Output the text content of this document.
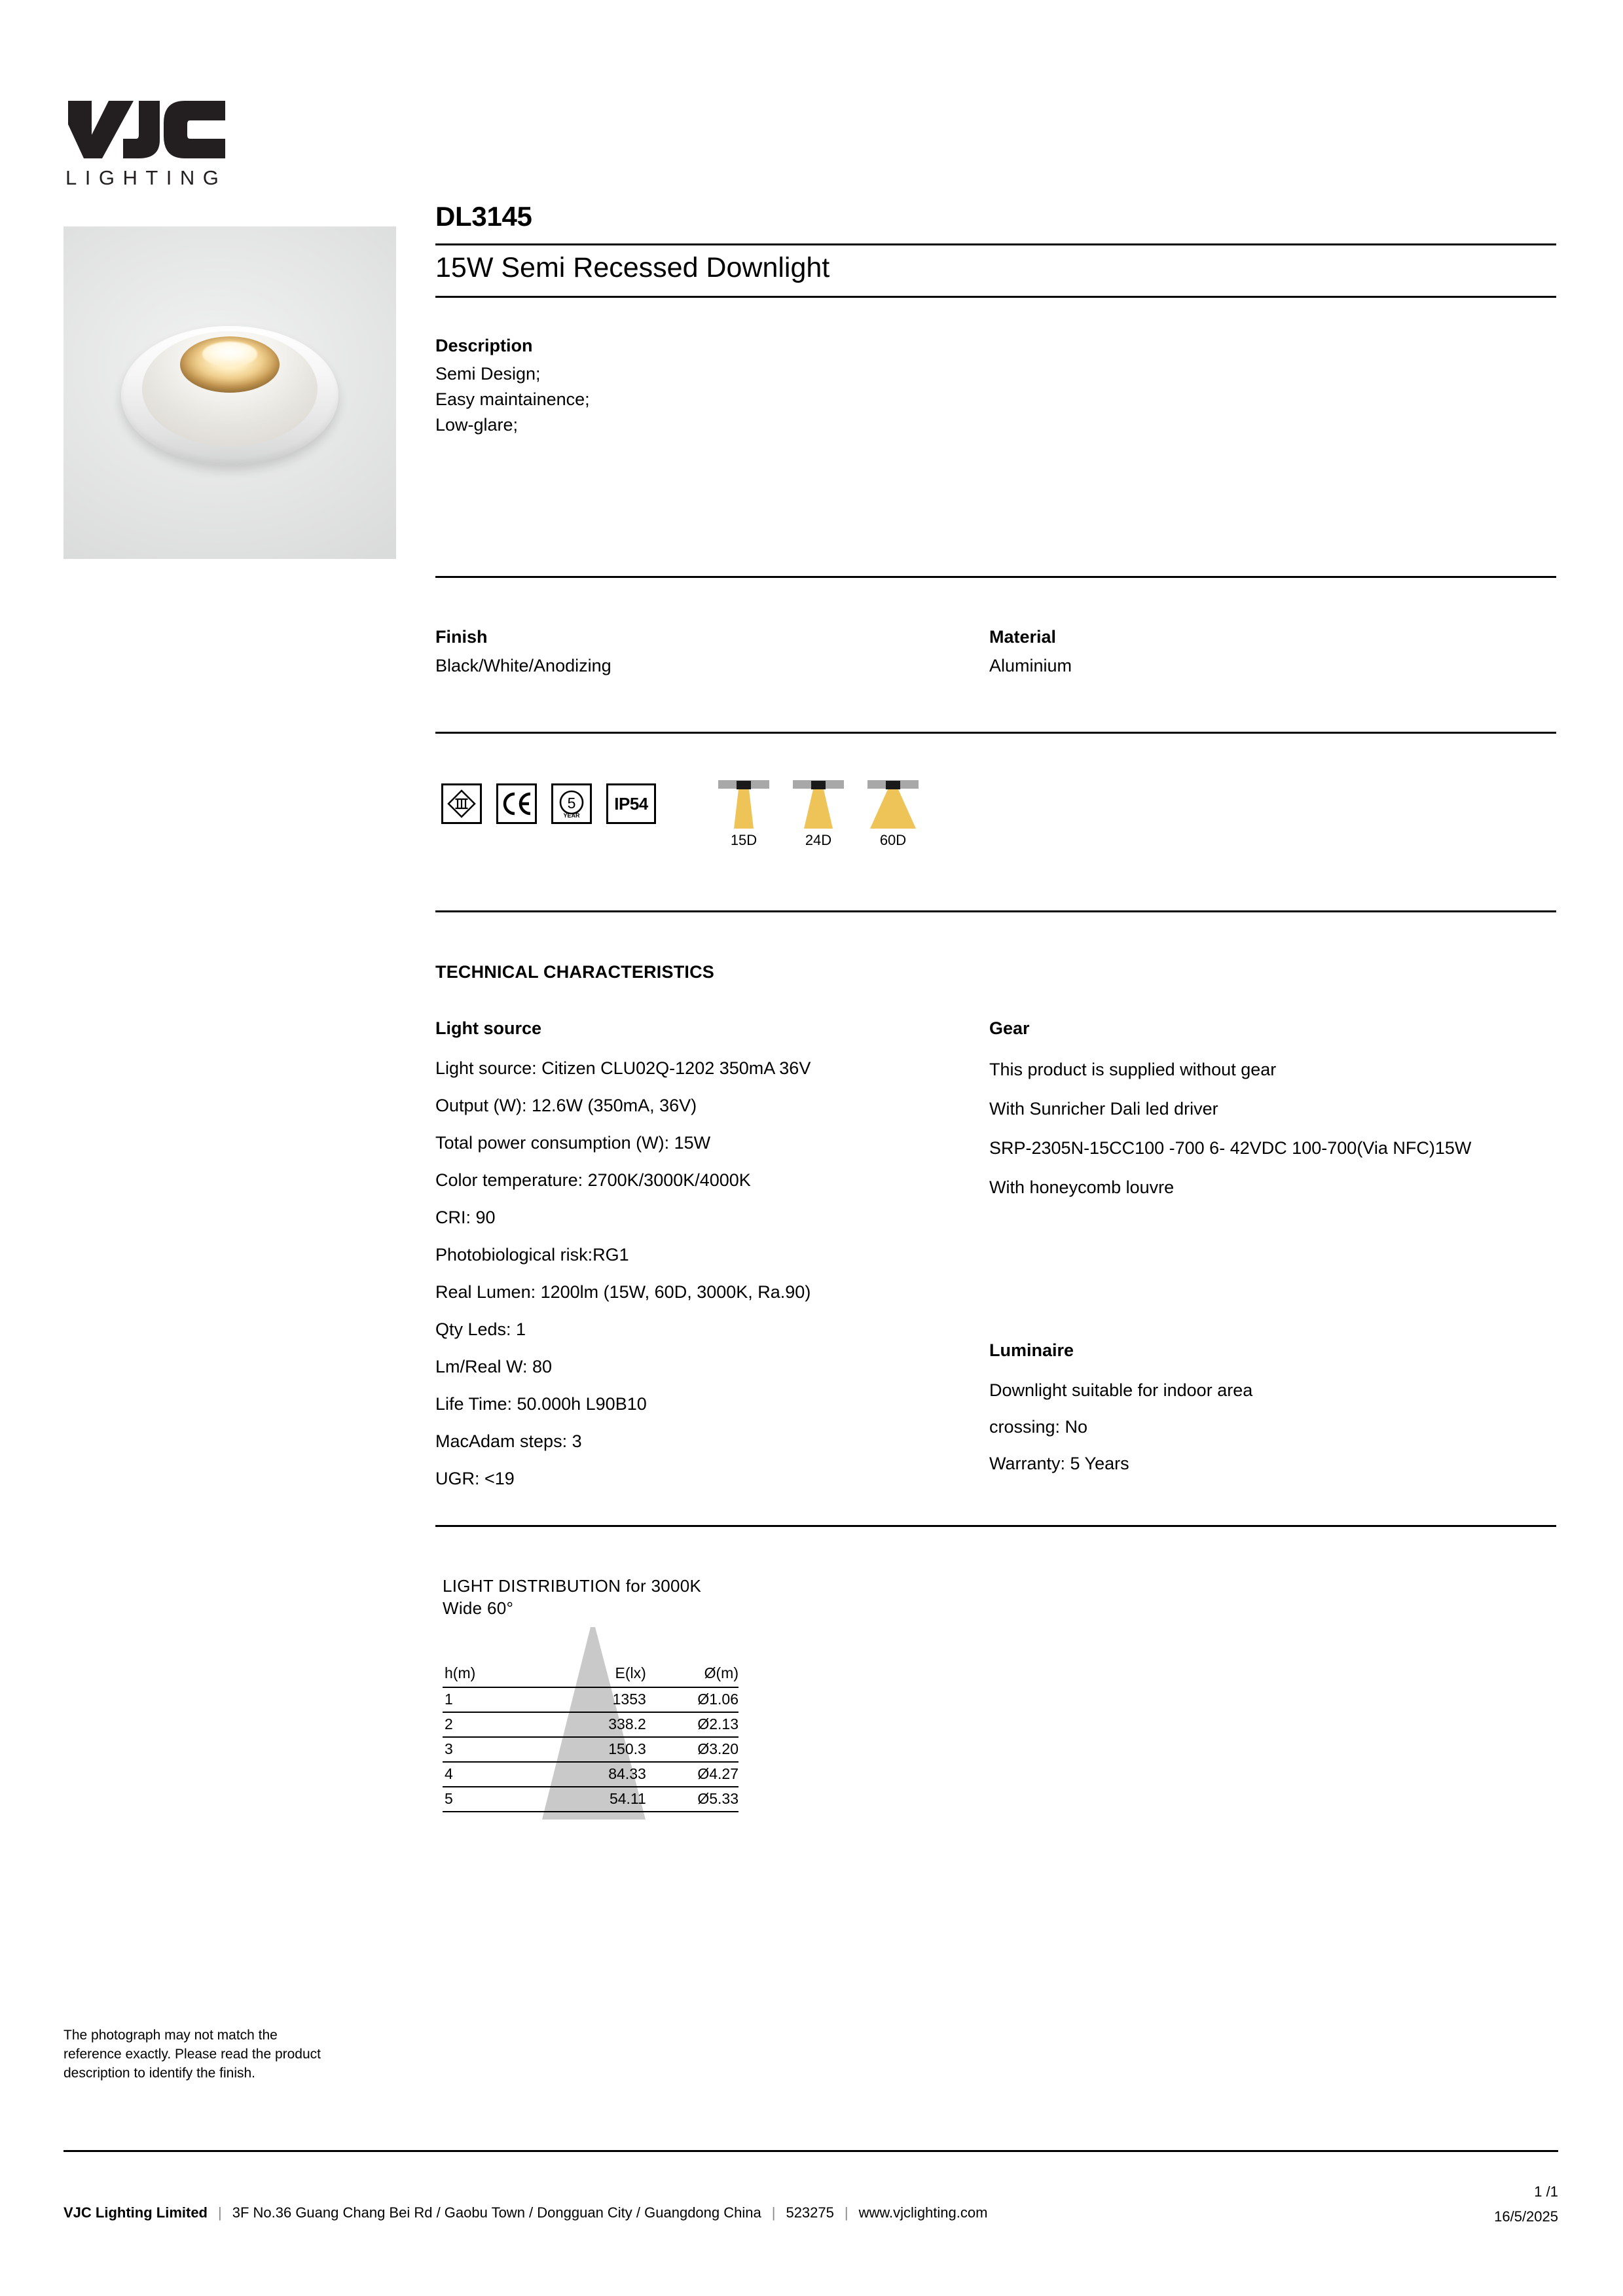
LIGHTING
DL3145
15W Semi Recessed Downlight
Description
Semi Design;
Easy maintainence;
Low-glare;
Finish
Black/White/Anodizing
Material
Aluminium
5
YEAR
IP54
15D	24D	60D
TECHNICAL CHARACTERISTICS
Light source
Light source: Citizen CLU02Q-1202 350mA 36V
Output (W): 12.6W (350mA, 36V)
Total power consumption (W): 15W
Color temperature: 2700K/3000K/4000K
CRI: 90
Photobiological risk:RG1
Real Lumen: 1200lm (15W, 60D, 3000K, Ra.90)
Qty Leds: 1
Lm/Real W: 80
Life Time: 50.000h L90B10
MacAdam steps: 3
UGR: <19
Gear
This product is supplied without gear
With Sunricher Dali led driver
SRP-2305N-15CC100 -700 6- 42VDC 100-700(Via NFC)15W
With honeycomb louvre
Luminaire
Downlight suitable for indoor area
crossing: No
Warranty: 5 Years
LIGHT DISTRIBUTION for 3000K
Wide 60°
h(m)	E(lx)	Ø(m)
1	1353	Ø1.06
2	338.2	Ø2.13
3	150.3	Ø3.20
4	84.33	Ø4.27
5	54.11	Ø5.33
The photograph may not match the reference exactly. Please read the product description to identify the finish.
VJC Lighting Limited | 3F No.36 Guang Chang Bei Rd / Gaobu Town / Dongguan City / Guangdong China | 523275 | www.vjclighting.com
1 /1
16/5/2025
